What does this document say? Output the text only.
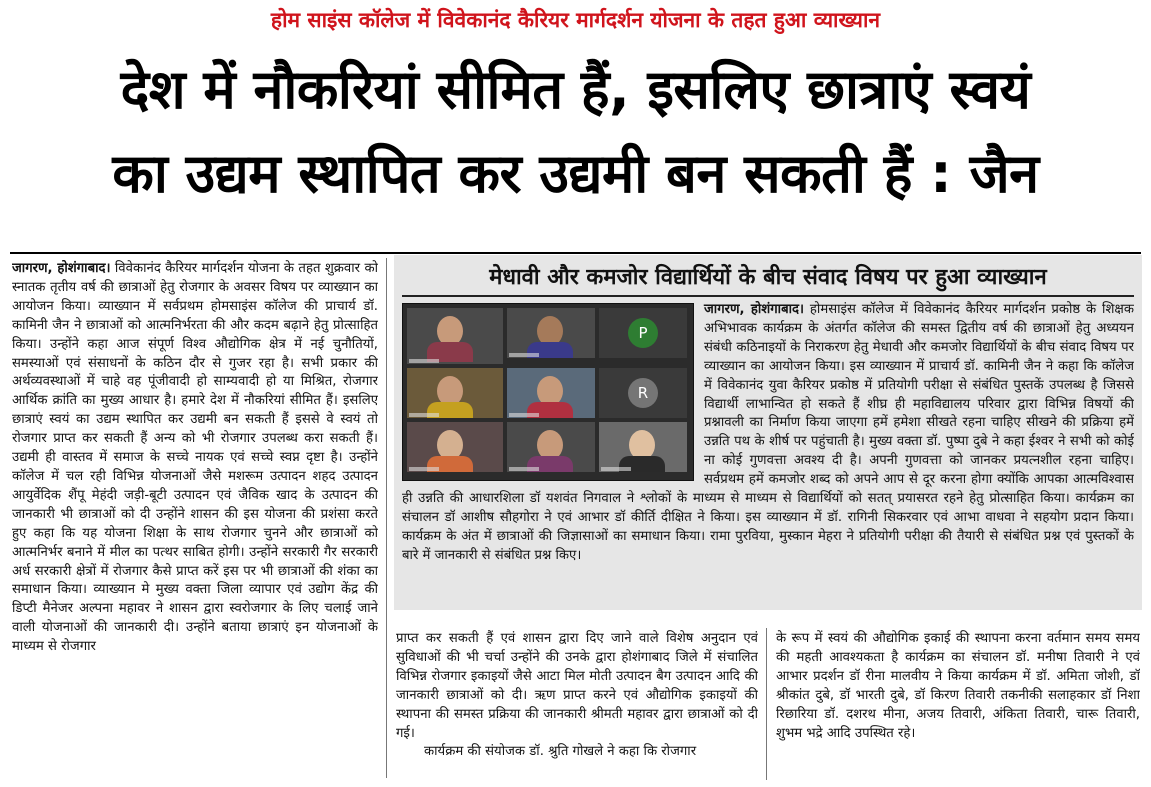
होम साइंस कॉलेज में विवेकानंद कैरियर मार्गदर्शन योजना के तहत हुआ व्याख्यान
देश में नौकरियां सीमित हैं, इसलिए छात्राएं स्वयं
का उद्यम स्थापित कर उद्यमी बन सकती हैं : जैन
जागरण, होशंगाबाद। विवेकानंद कैरियर मार्गदर्शन योजना के तहत शुक्रवार को स्नातक तृतीय वर्ष की छात्राओं हेतु रोजगार के अवसर विषय पर व्याख्यान का आयोजन किया। व्याख्यान में सर्वप्रथम होमसाइंस कॉलेज की प्राचार्य डॉ. कामिनी जैन ने छात्राओं को आत्मनिर्भरता की और कदम बढ़ाने हेतु प्रोत्साहित किया। उन्होंने कहा आज संपूर्ण विश्व औद्योगिक क्षेत्र में नई चुनौतियों, समस्याओं एवं संसाधनों के कठिन दौर से गुजर रहा है। सभी प्रकार की अर्थव्यवस्थाओं में चाहे वह पूंजीवादी हो साम्यवादी हो या मिश्रित, रोजगार आर्थिक क्रांति का मुख्य आधार है। हमारे देश में नौकरियां सीमित हैं। इसलिए छात्राएं स्वयं का उद्यम स्थापित कर उद्यमी बन सकती हैं इससे वे स्वयं तो रोजगार प्राप्त कर सकती हैं अन्य को भी रोजगार उपलब्ध करा सकती हैं। उद्यमी ही वास्तव में समाज के सच्चे नायक एवं सच्चे स्वप्न दृष्टा है। उन्होंने कॉलेज में चल रही विभिन्न योजनाओं जैसे मशरूम उत्पादन शहद उत्पादन आयुर्वेदिक शैंपू मेहंदी जड़ी-बूटी उत्पादन एवं जैविक खाद के उत्पादन की जानकारी भी छात्राओं को दी उन्होंने शासन की इस योजना की प्रशंसा करते हुए कहा कि यह योजना शिक्षा के साथ रोजगार चुनने और छात्राओं को आत्मनिर्भर बनाने में मील का पत्थर साबित होगी। उन्होंने सरकारी गैर सरकारी अर्ध सरकारी क्षेत्रों में रोजगार कैसे प्राप्त करें इस पर भी छात्राओं की शंका का समाधान किया। व्याख्यान मे मुख्य वक्ता जिला व्यापार एवं उद्योग केंद्र की डिप्टी मैनेजर अल्पना महावर ने शासन द्वारा स्वरोजगार के लिए चलाई जाने वाली योजनाओं की जानकारी दी। उन्होंने बताया छात्राएं इन योजनाओं के माध्यम से रोजगार
मेधावी और कमजोर विद्यार्थियों के बीच संवाद विषय पर हुआ व्याख्यान
P
R
जागरण, होशंगाबाद। होमसाइंस कॉलेज में विवेकानंद कैरियर मार्गदर्शन प्रकोष्ठ के शिक्षक अभिभावक कार्यक्रम के अंतर्गत कॉलेज की समस्त द्वितीय वर्ष की छात्राओं हेतु अध्ययन संबंधी कठिनाइयों के निराकरण हेतु मेधावी और कमजोर विद्यार्थियों के बीच संवाद विषय पर व्याख्यान का आयोजन किया। इस व्याख्यान में प्राचार्य डॉ. कामिनी जैन ने कहा कि कॉलेज में विवेकानंद युवा कैरियर प्रकोष्ठ में प्रतियोगी परीक्षा से संबंधित पुस्तकें उपलब्ध है जिससे विद्यार्थी लाभान्वित हो सकते हैं शीघ्र ही महाविद्यालय परिवार द्वारा विभिन्न विषयों की प्रश्नावली का निर्माण किया जाएगा हमें हमेशा सीखते रहना चाहिए सीखने की प्रक्रिया हमें उन्नति पथ के शीर्ष पर पहुंचाती है। मुख्य वक्ता डॉ. पुष्पा दुबे ने कहा ईश्वर ने सभी को कोई ना कोई गुणवत्ता अवश्य दी है। अपनी गुणवत्ता को जानकर प्रयत्नशील रहना चाहिए। सर्वप्रथम हमें कमजोर शब्द को अपने आप से दूर करना होगा क्योंकि आपका आत्मविश्वास ही उन्नति की आधारशिला डॉ यशवंत निगवाल ने श्लोकों के माध्यम से माध्यम से विद्यार्थियों को सतत् प्रयासरत रहने हेतु प्रोत्साहित किया। कार्यक्रम का संचालन डॉ आशीष सौहगोरा ने एवं आभार डॉ कीर्ति दीक्षित ने किया। इस व्याख्यान में डॉ. रागिनी सिकरवार एवं आभा वाधवा ने सहयोग प्रदान किया। कार्यक्रम के अंत में छात्राओं की जिज्ञासाओं का समाधान किया। रामा पुरविया, मुस्कान मेहरा ने प्रतियोगी परीक्षा की तैयारी से संबंधित प्रश्न एवं पुस्तकों के बारे में जानकारी से संबंधित प्रश्न किए।
प्राप्त कर सकती हैं एवं शासन द्वारा दिए जाने वाले विशेष अनुदान एवं सुविधाओं की भी चर्चा उन्होंने की उनके द्वारा होशंगाबाद जिले में संचालित विभिन्न रोजगार इकाइयों जैसे आटा मिल मोती उत्पादन बैग उत्पादन आदि की जानकारी छात्राओं को दी। ऋण प्राप्त करने एवं औद्योगिक इकाइयों की स्थापना की समस्त प्रक्रिया की जानकारी श्रीमती महावर द्वारा छात्राओं को दी गई।
कार्यक्रम की संयोजक डॉ. श्रुति गोखले ने कहा कि रोजगार
के रूप में स्वयं की औद्योगिक इकाई की स्थापना करना वर्तमान समय समय की महती आवश्यकता है कार्यक्रम का संचालन डॉ. मनीषा तिवारी ने एवं आभार प्रदर्शन डॉ रीना मालवीय ने किया कार्यक्रम में डॉ. अमिता जोशी, डॉ श्रीकांत दुबे, डॉ भारती दुबे, डॉ किरण तिवारी तकनीकी सलाहकार डॉ निशा रिछारिया डॉ. दशरथ मीना, अजय तिवारी, अंकिता तिवारी, चारू तिवारी, शुभम भद्रे आदि उपस्थित रहे।
